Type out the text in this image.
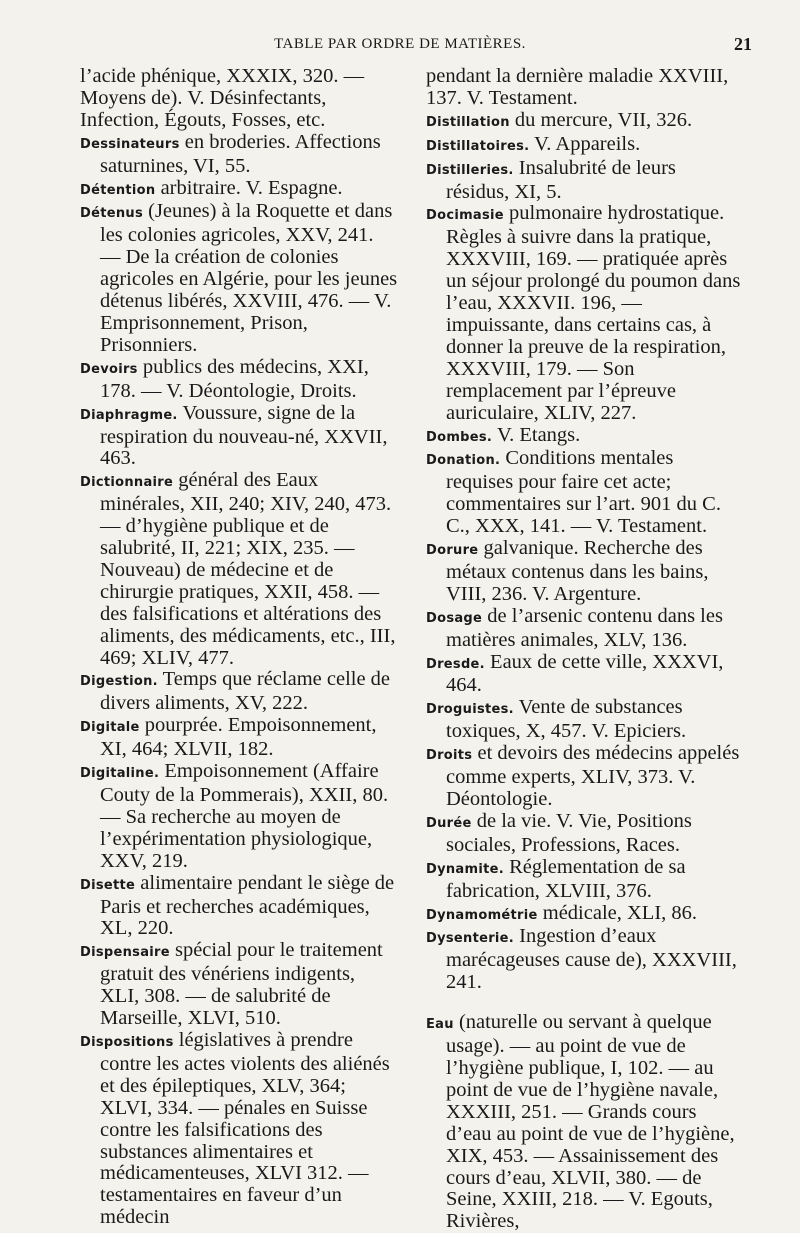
TABLE PAR ORDRE DE MATIÈRES.	21

l’acide phénique, XXXIX, 320. — Moyens de). V. Désinfectants, Infection, Égouts, Fosses, etc.

Dessinateurs en broderies. Affections saturnines, VI, 55.

Détention arbitraire. V. Espagne.

Détenus (Jeunes) à la Roquette et dans les colonies agricoles, XXV, 241. — De la création de colonies agricoles en Algérie, pour les jeunes détenus libérés, XXVIII, 476. — V. Emprisonnement, Prison, Prisonniers.

Devoirs publics des médecins, XXI, 178. — V. Déontologie, Droits.

Diaphragme. Voussure, signe de la respiration du nouveau-né, XXVII, 463.

Dictionnaire général des Eaux minérales, XII, 240; XIV, 240, 473. — d’hygiène publique et de salubrité, II, 221; XIX, 235. — Nouveau) de médecine et de chirurgie pratiques, XXII, 458. — des falsifications et altérations des aliments, des médicaments, etc., III, 469; XLIV, 477.

Digestion. Temps que réclame celle de divers aliments, XV, 222.

Digitale pourprée. Empoisonnement, XI, 464; XLVII, 182.

Digitaline. Empoisonnement (Affaire Couty de la Pommerais), XXII, 80. — Sa recherche au moyen de l’expérimentation physiologique, XXV, 219.

Disette alimentaire pendant le siège de Paris et recherches académiques, XL, 220.

Dispensaire spécial pour le traitement gratuit des vénériens indigents, XLI, 308. — de salubrité de Marseille, XLVI, 510.

Dispositions législatives à prendre contre les actes violents des aliénés et des épileptiques, XLV, 364; XLVI, 334. — pénales en Suisse contre les falsifications des substances alimentaires et médicamenteuses, XLVI 312. — testamentaires en faveur d’un médecin

pendant la dernière maladie XXVIII, 137. V. Testament.

Distillation du mercure, VII, 326.

Distillatoires. V. Appareils.

Distilleries. Insalubrité de leurs résidus, XI, 5.

Docimasie pulmonaire hydrostatique. Règles à suivre dans la pratique, XXXVIII, 169. — pratiquée après un séjour prolongé du poumon dans l’eau, XXXVII. 196, — impuissante, dans certains cas, à donner la preuve de la respiration, XXXVIII, 179. — Son remplacement par l’épreuve auriculaire, XLIV, 227.

Dombes. V. Etangs.

Donation. Conditions mentales requises pour faire cet acte; commentaires sur l’art. 901 du C. C., XXX, 141. — V. Testament.

Dorure galvanique. Recherche des métaux contenus dans les bains, VIII, 236. V. Argenture.

Dosage de l’arsenic contenu dans les matières animales, XLV, 136.

Dresde. Eaux de cette ville, XXXVI, 464.

Droguistes. Vente de substances toxiques, X, 457. V. Epiciers.

Droits et devoirs des médecins appelés comme experts, XLIV, 373. V. Déontologie.

Durée de la vie. V. Vie, Positions sociales, Professions, Races.

Dynamite. Réglementation de sa fabrication, XLVIII, 376.

Dynamométrie médicale, XLI, 86.

Dysenterie. Ingestion d’eaux marécageuses cause de), XXXVIII, 241.

Eau (naturelle ou servant à quelque usage). — au point de vue de l’hygiène publique, I, 102. — au point de vue de l’hygiène navale, XXXIII, 251. — Grands cours d’eau au point de vue de l’hygiène, XIX, 453. — Assainissement des cours d’eau, XLVII, 380. — de Seine, XXIII, 218. — V. Egouts, Rivières,
